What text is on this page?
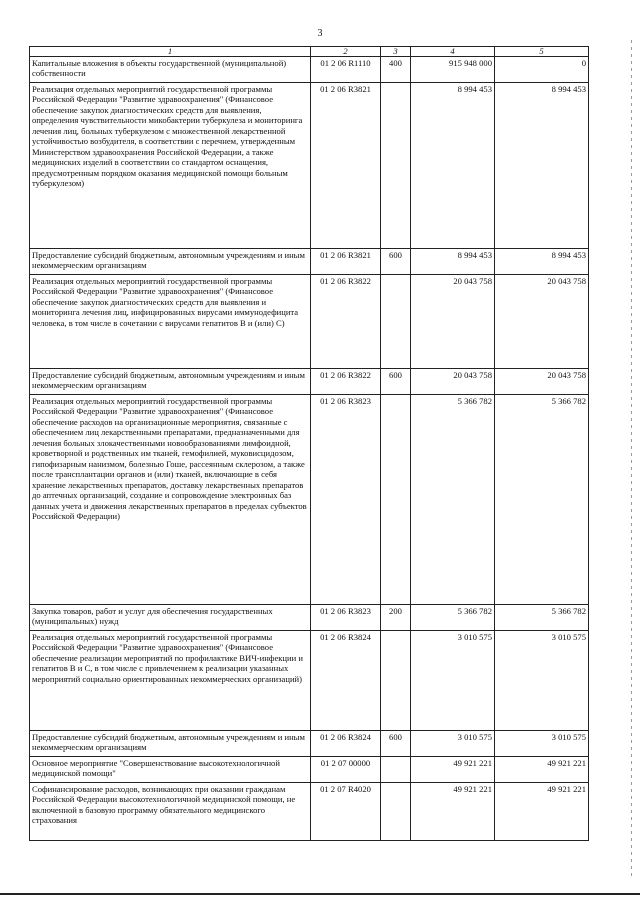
3
1	2	3	4	5
Капитальные вложения в объекты государственной (муниципальной) собственности	01 2 06 R1110	400	915 948 000	0
Реализация отдельных мероприятий государственной программы Российской Федерации "Развитие здравоохранения" (Финансовое обеспечение закупок диагностических средств для выявления, определения чувствительности микобактерии туберкулеза и мониторинга лечения лиц, больных туберкулезом с множественной лекарственной устойчивостью возбудителя, в соответствии с перечнем, утвержденным Министерством здравоохранения Российской Федерации, а также медицинских изделий в соответствии со стандартом оснащения, предусмотренным порядком оказания медицинской помощи больным туберкулезом)	01 2 06 R3821		8 994 453	8 994 453
Предоставление субсидий бюджетным, автономным учреждениям и иным некоммерческим организациям	01 2 06 R3821	600	8 994 453	8 994 453
Реализация отдельных мероприятий государственной программы Российской Федерации "Развитие здравоохранения" (Финансовое обеспечение закупок диагностических средств для выявления и мониторинга лечения лиц, инфицированных вирусами иммунодефицита человека, в том числе в сочетании с вирусами гепатитов B и (или) C)	01 2 06 R3822		20 043 758	20 043 758
Предоставление субсидий бюджетным, автономным учреждениям и иным некоммерческим организациям	01 2 06 R3822	600	20 043 758	20 043 758
Реализация отдельных мероприятий государственной программы Российской Федерации "Развитие здравоохранения" (Финансовое обеспечение расходов на организационные мероприятия, связанные с обеспечением лиц лекарственными препаратами, предназначенными для лечения больных злокачественными новообразованиями лимфоидной, кроветворной и родственных им тканей, гемофилией, муковисцидозом, гипофизарным нанизмом, болезнью Гоше, рассеянным склерозом, а также после трансплантации органов и (или) тканей, включающие в себя хранение лекарственных препаратов, доставку лекарственных препаратов до аптечных организаций, создание и сопровождение электронных баз данных учета и движения лекарственных препаратов в пределах субъектов Российской Федерации)	01 2 06 R3823		5 366 782	5 366 782
Закупка товаров, работ и услуг для обеспечения государственных (муниципальных) нужд	01 2 06 R3823	200	5 366 782	5 366 782
Реализация отдельных мероприятий государственной программы Российской Федерации "Развитие здравоохранения" (Финансовое обеспечение реализации мероприятий по профилактике ВИЧ-инфекции и гепатитов B и C, в том числе с привлечением к реализации указанных мероприятий социально ориентированных некоммерческих организаций)	01 2 06 R3824		3 010 575	3 010 575
Предоставление субсидий бюджетным, автономным учреждениям и иным некоммерческим организациям	01 2 06 R3824	600	3 010 575	3 010 575
Основное мероприятие "Совершенствование высокотехнологичной медицинской помощи"	01 2 07 00000		49 921 221	49 921 221
Софинансирование расходов, возникающих при оказании гражданам Российской Федерации высокотехнологичной медицинской помощи, не включенной в базовую программу обязательного медицинского страхования	01 2 07 R4020		49 921 221	49 921 221
